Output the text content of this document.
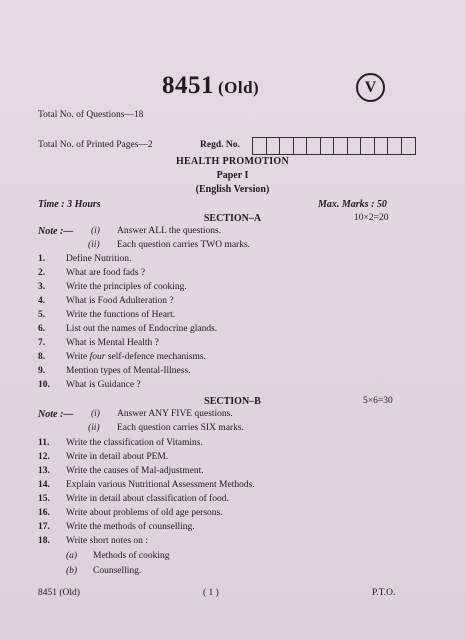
8451 (Old)	V
Total No. of Questions—18
Total No. of Printed Pages—2	Regd. No.
HEALTH PROMOTION
Paper I
(English Version)
Time : 3 Hours	Max. Marks : 50
SECTION–A	10×2=20
Note :— (i) Answer ALL the questions.
(ii) Each question carries TWO marks.
1. Define Nutrition.
2. What are food fads ?
3. Write the principles of cooking.
4. What is Food Adulteration ?
5. Write the functions of Heart.
6. List out the names of Endocrine glands.
7. What is Mental Health ?
8. Write four self-defence mechanisms.
9. Mention types of Mental-Illness.
10. What is Guidance ?
SECTION–B	5×6=30
Note :— (i) Answer ANY FIVE questions.
(ii) Each question carries SIX marks.
11. Write the classification of Vitamins.
12. Write in detail about PEM.
13. Write the causes of Mal-adjustment.
14. Explain various Nutritional Assessment Methods.
15. Write in detail about classification of food.
16. Write about problems of old age persons.
17. Write the methods of counselling.
18. Write short notes on :
(a) Methods of cooking
(b) Counselling.
8451 (Old)	( 1 )	P.T.O.
